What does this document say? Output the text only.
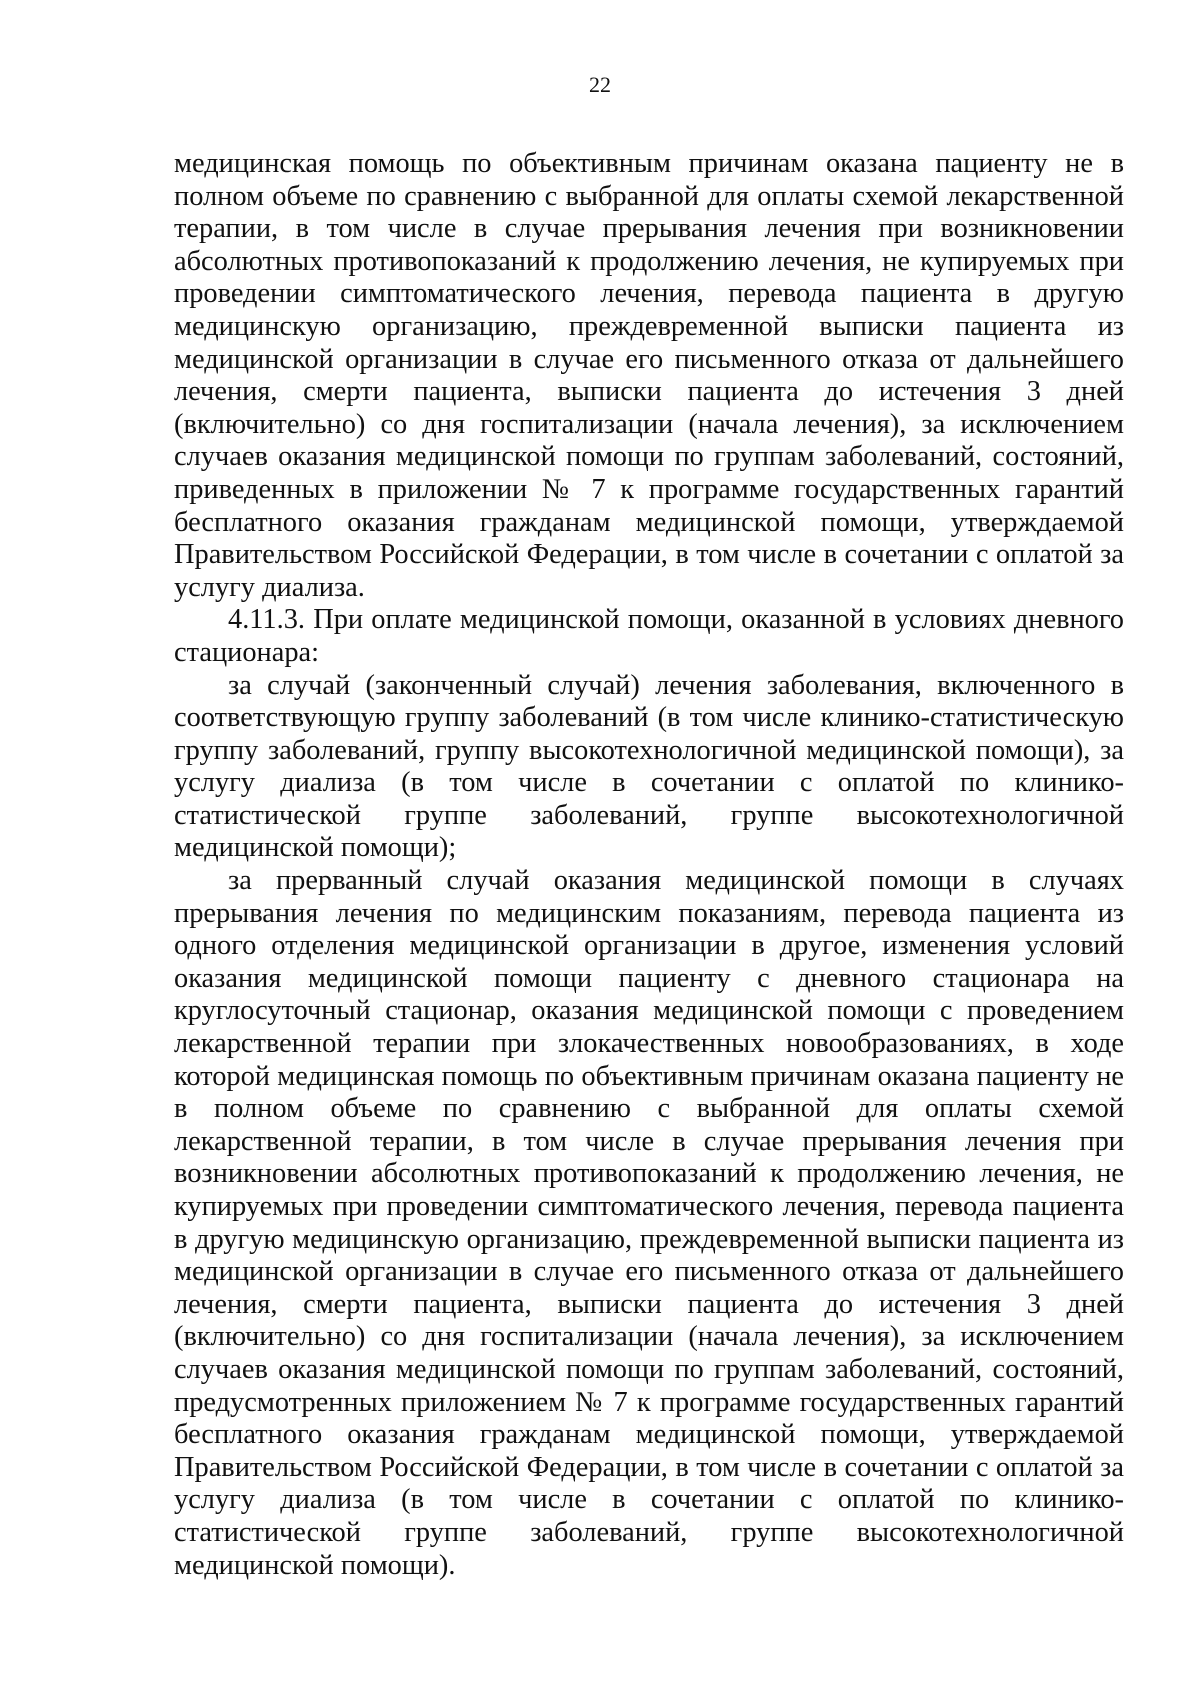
22

медицинская помощь по объективным причинам оказана пациенту не в полном объеме по сравнению с выбранной для оплаты схемой лекарственной терапии, в том числе в случае прерывания лечения при возникновении абсолютных противопоказаний к продолжению лечения, не купируемых при проведении симптоматического лечения, перевода пациента в другую медицинскую организацию, преждевременной выписки пациента из медицинской организации в случае его письменного отказа от дальнейшего лечения, смерти пациента, выписки пациента до истечения 3 дней (включительно) со дня госпитализации (начала лечения), за исключением случаев оказания медицинской помощи по группам заболеваний, состояний, приведенных в приложении № 7 к программе государственных гарантий бесплатного оказания гражданам медицинской помощи, утверждаемой Правительством Российской Федерации, в том числе в сочетании с оплатой за услугу диализа.

4.11.3. При оплате медицинской помощи, оказанной в условиях дневного стационара:

за случай (законченный случай) лечения заболевания, включенного в соответствующую группу заболеваний (в том числе клинико-статистическую группу заболеваний, группу высокотехнологичной медицинской помощи), за услугу диализа (в том числе в сочетании с оплатой по клинико-статистической группе заболеваний, группе высокотехнологичной медицинской помощи);

за прерванный случай оказания медицинской помощи в случаях прерывания лечения по медицинским показаниям, перевода пациента из одного отделения медицинской организации в другое, изменения условий оказания медицинской помощи пациенту с дневного стационара на круглосуточный стационар, оказания медицинской помощи с проведением лекарственной терапии при злокачественных новообразованиях, в ходе которой медицинская помощь по объективным причинам оказана пациенту не в полном объеме по сравнению с выбранной для оплаты схемой лекарственной терапии, в том числе в случае прерывания лечения при возникновении абсолютных противопоказаний к продолжению лечения, не купируемых при проведении симптоматического лечения, перевода пациента в другую медицинскую организацию, преждевременной выписки пациента из медицинской организации в случае его письменного отказа от дальнейшего лечения, смерти пациента, выписки пациента до истечения 3 дней (включительно) со дня госпитализации (начала лечения), за исключением случаев оказания медицинской помощи по группам заболеваний, состояний, предусмотренных приложением № 7 к программе государственных гарантий бесплатного оказания гражданам медицинской помощи, утверждаемой Правительством Российской Федерации, в том числе в сочетании с оплатой за услугу диализа (в том числе в сочетании с оплатой по клинико-статистической группе заболеваний, группе высокотехнологичной медицинской помощи).
